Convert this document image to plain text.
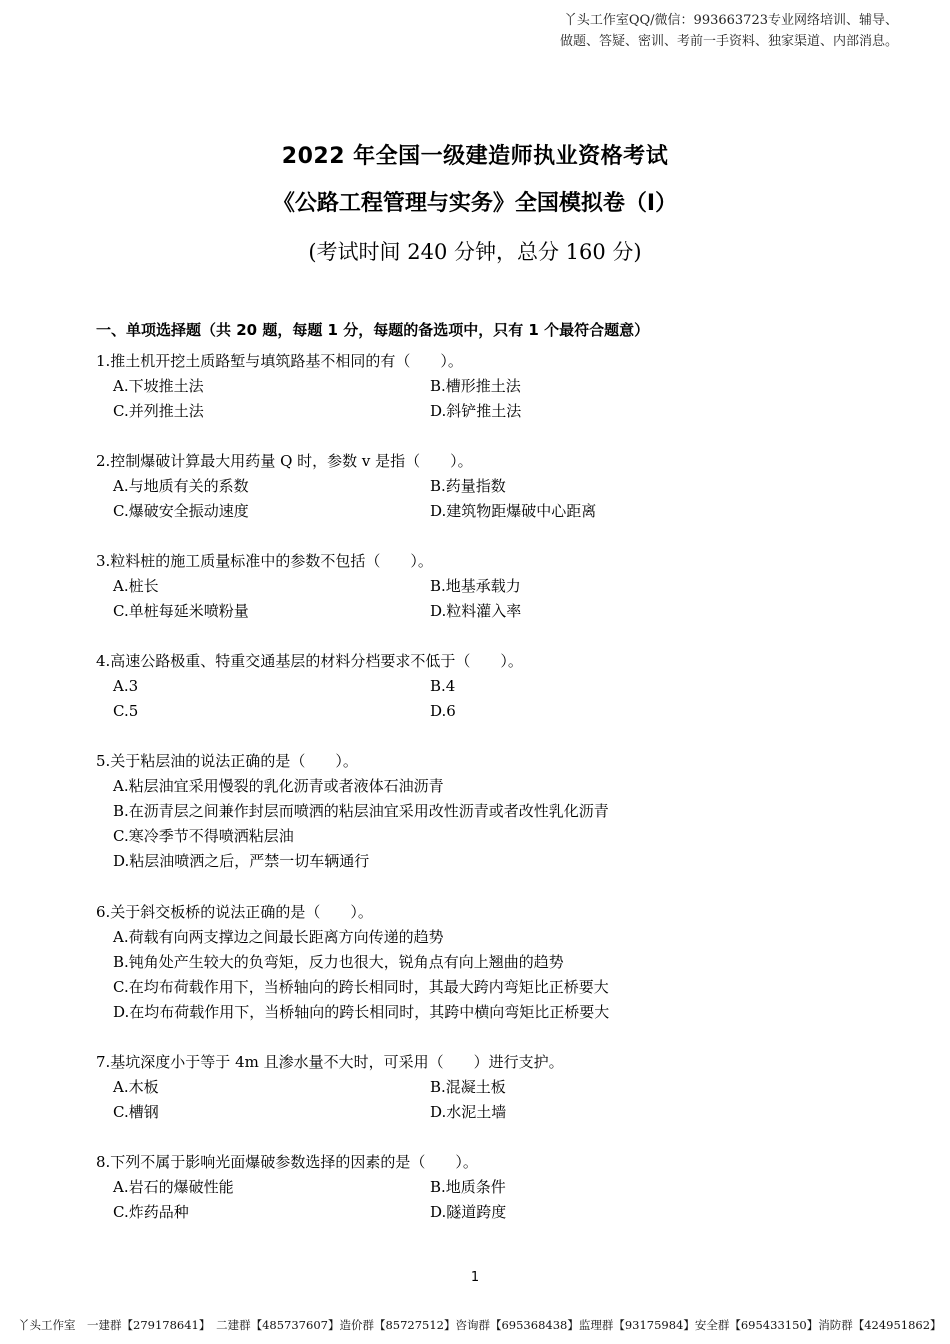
丫头工作室QQ/微信：993663723专业网络培训、辅导、
做题、答疑、密训、考前一手资料、独家渠道、内部消息。
2022 年全国一级建造师执业资格考试
《公路工程管理与实务》全国模拟卷（Ⅰ）
(考试时间 240 分钟，总分 160 分)
一、单项选择题（共 20 题，每题 1 分，每题的备选项中，只有 1 个最符合题意）
1.推土机开挖土质路堑与填筑路基不相同的有（　　）。
A.下坡推土法	B.槽形推土法
C.并列推土法	D.斜铲推土法
2.控制爆破计算最大用药量 Q 时，参数 v 是指（　　）。
A.与地质有关的系数	B.药量指数
C.爆破安全振动速度	D.建筑物距爆破中心距离
3.粒料桩的施工质量标准中的参数不包括（　　）。
A.桩长	B.地基承载力
C.单桩每延米喷粉量	D.粒料灌入率
4.高速公路极重、特重交通基层的材料分档要求不低于（　　）。
A.3	B.4
C.5	D.6
5.关于粘层油的说法正确的是（　　）。
A.粘层油宜采用慢裂的乳化沥青或者液体石油沥青
B.在沥青层之间兼作封层而喷洒的粘层油宜采用改性沥青或者改性乳化沥青
C.寒冷季节不得喷洒粘层油
D.粘层油喷洒之后，严禁一切车辆通行
6.关于斜交板桥的说法正确的是（　　）。
A.荷载有向两支撑边之间最长距离方向传递的趋势
B.钝角处产生较大的负弯矩，反力也很大，锐角点有向上翘曲的趋势
C.在均布荷载作用下，当桥轴向的跨长相同时，其最大跨内弯矩比正桥要大
D.在均布荷载作用下，当桥轴向的跨长相同时，其跨中横向弯矩比正桥要大
7.基坑深度小于等于 4m 且渗水量不大时，可采用（　　）进行支护。
A.木板	B.混凝土板
C.槽钢	D.水泥土墙
8.下列不属于影响光面爆破参数选择的因素的是（　　）。
A.岩石的爆破性能	B.地质条件
C.炸药品种	D.隧道跨度
1
丫头工作室　一建群【279178641】　二建群【485737607】造价群【85727512】咨询群【695368438】监理群【93175984】安全群【695433150】消防群【424951862】
